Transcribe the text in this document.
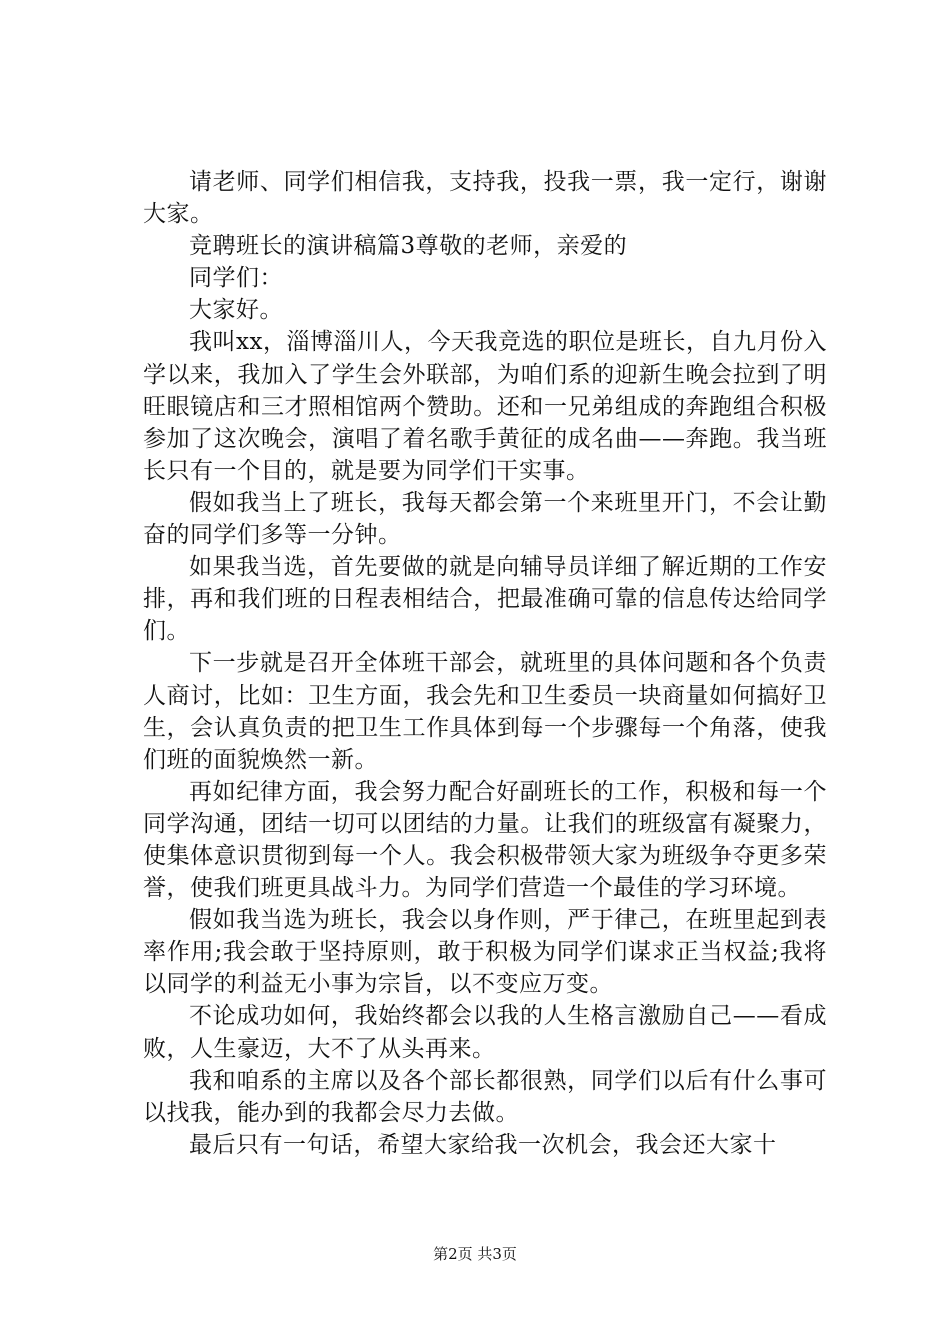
请老师、同学们相信我，支持我，投我一票，我一定行，谢谢大家。

竞聘班长的演讲稿篇3尊敬的老师，亲爱的

同学们：

大家好。

我叫xx，淄博淄川人，今天我竞选的职位是班长，自九月份入学以来，我加入了学生会外联部，为咱们系的迎新生晚会拉到了明旺眼镜店和三才照相馆两个赞助。还和一兄弟组成的奔跑组合积极参加了这次晚会，演唱了着名歌手黄征的成名曲——奔跑。我当班长只有一个目的，就是要为同学们干实事。

假如我当上了班长，我每天都会第一个来班里开门，不会让勤奋的同学们多等一分钟。

如果我当选，首先要做的就是向辅导员详细了解近期的工作安排，再和我们班的日程表相结合，把最准确可靠的信息传达给同学们。

下一步就是召开全体班干部会，就班里的具体问题和各个负责人商讨，比如：卫生方面，我会先和卫生委员一块商量如何搞好卫生，会认真负责的把卫生工作具体到每一个步骤每一个角落，使我们班的面貌焕然一新。

再如纪律方面，我会努力配合好副班长的工作，积极和每一个同学沟通，团结一切可以团结的力量。让我们的班级富有凝聚力，使集体意识贯彻到每一个人。我会积极带领大家为班级争夺更多荣誉，使我们班更具战斗力。为同学们营造一个最佳的学习环境。

假如我当选为班长，我会以身作则，严于律己，在班里起到表率作用;我会敢于坚持原则，敢于积极为同学们谋求正当权益;我将以同学的利益无小事为宗旨，以不变应万变。

不论成功如何，我始终都会以我的人生格言激励自己——看成败，人生豪迈，大不了从头再来。

我和咱系的主席以及各个部长都很熟，同学们以后有什么事可以找我，能办到的我都会尽力去做。

最后只有一句话，希望大家给我一次机会，我会还大家十

第2页 共3页
